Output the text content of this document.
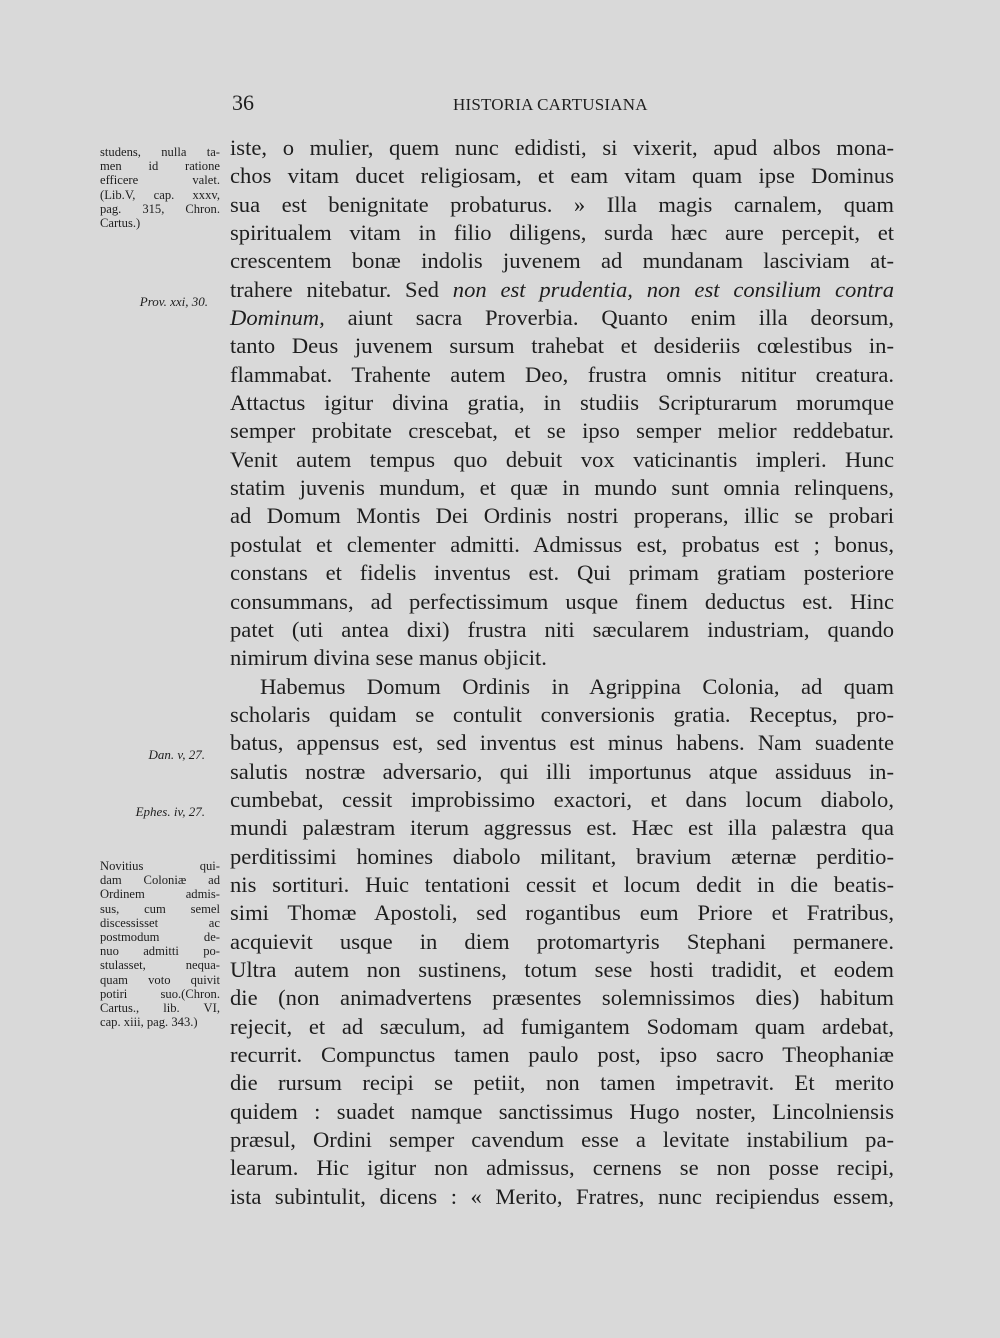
36	HISTORIA CARTUSIANA
studens, nulla ta-
men id ratione
efficere valet.
(Lib.V, cap. xxxv,
pag. 315, Chron.
Cartus.)
Prov. xxi, 30.
Dan. v, 27.
Ephes. iv, 27.
Novitius qui-
dam Coloniæ ad
Ordinem admis-
sus, cum semel
discessisset ac
postmodum de-
nuo admitti po-
stulasset, nequa-
quam voto quivit
potiri suo.(Chron.
Cartus., lib. VI,
cap. xiii, pag. 343.)
iste, o mulier, quem nunc edidisti, si vixerit, apud albos mona-
chos vitam ducet religiosam, et eam vitam quam ipse Dominus
sua est benignitate probaturus. » Illa magis carnalem, quam
spiritualem vitam in filio diligens, surda hæc aure percepit, et
crescentem bonæ indolis juvenem ad mundanam lasciviam at-
trahere nitebatur. Sed non est prudentia, non est consilium contra
Dominum, aiunt sacra Proverbia. Quanto enim illa deorsum,
tanto Deus juvenem sursum trahebat et desideriis cœlestibus in-
flammabat. Trahente autem Deo, frustra omnis nititur creatura.
Attactus igitur divina gratia, in studiis Scripturarum morumque
semper probitate crescebat, et se ipso semper melior reddebatur.
Venit autem tempus quo debuit vox vaticinantis impleri. Hunc
statim juvenis mundum, et quæ in mundo sunt omnia relinquens,
ad Domum Montis Dei Ordinis nostri properans, illic se probari
postulat et clementer admitti. Admissus est, probatus est ; bonus,
constans et fidelis inventus est. Qui primam gratiam posteriore
consummans, ad perfectissimum usque finem deductus est. Hinc
patet (uti antea dixi) frustra niti sæcularem industriam, quando
nimirum divina sese manus objicit.
Habemus Domum Ordinis in Agrippina Colonia, ad quam
scholaris quidam se contulit conversionis gratia. Receptus, pro-
batus, appensus est, sed inventus est minus habens. Nam suadente
salutis nostræ adversario, qui illi importunus atque assiduus in-
cumbebat, cessit improbissimo exactori, et dans locum diabolo,
mundi palæstram iterum aggressus est. Hæc est illa palæstra qua
perditissimi homines diabolo militant, bravium æternæ perditio-
nis sortituri. Huic tentationi cessit et locum dedit in die beatis-
simi Thomæ Apostoli, sed rogantibus eum Priore et Fratribus,
acquievit usque in diem protomartyris Stephani permanere.
Ultra autem non sustinens, totum sese hosti tradidit, et eodem
die (non animadvertens præsentes solemnissimos dies) habitum
rejecit, et ad sæculum, ad fumigantem Sodomam quam ardebat,
recurrit. Compunctus tamen paulo post, ipso sacro Theophaniæ
die rursum recipi se petiit, non tamen impetravit. Et merito
quidem : suadet namque sanctissimus Hugo noster, Lincolniensis
præsul, Ordini semper cavendum esse a levitate instabilium pa-
learum. Hic igitur non admissus, cernens se non posse recipi,
ista subintulit, dicens : « Merito, Fratres, nunc recipiendus essem,
